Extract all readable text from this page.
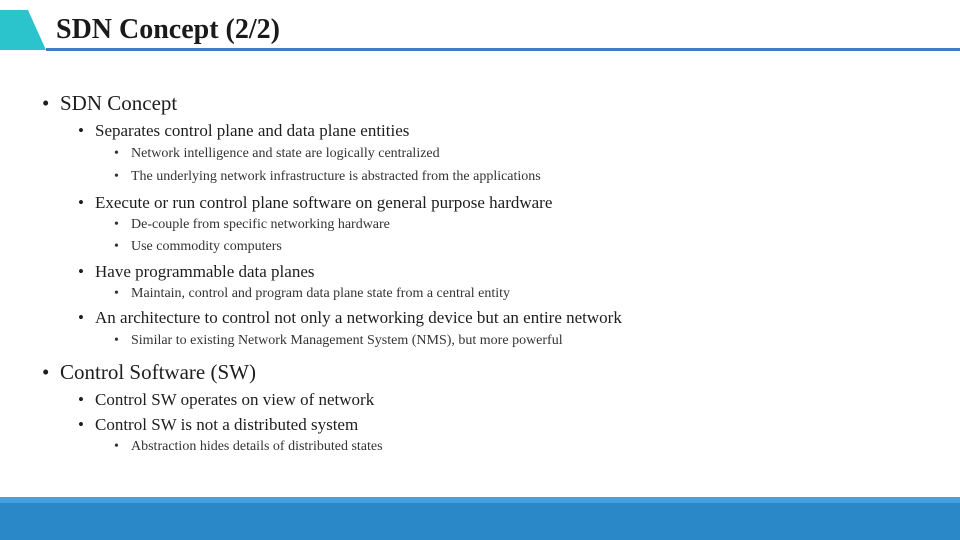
SDN Concept (2/2)
• SDN Concept
• Separates control plane and data plane entities
• Network intelligence and state are logically centralized
• The underlying network infrastructure is abstracted from the applications
• Execute or run control plane software on general purpose hardware
• De-couple from specific networking hardware
• Use commodity computers
• Have programmable data planes
• Maintain, control and program data plane state from a central entity
• An architecture to control not only a networking device but an entire network
• Similar to existing Network Management System (NMS), but more powerful
• Control Software (SW)
• Control SW operates on view of network
• Control SW is not a distributed system
• Abstraction hides details of distributed states
